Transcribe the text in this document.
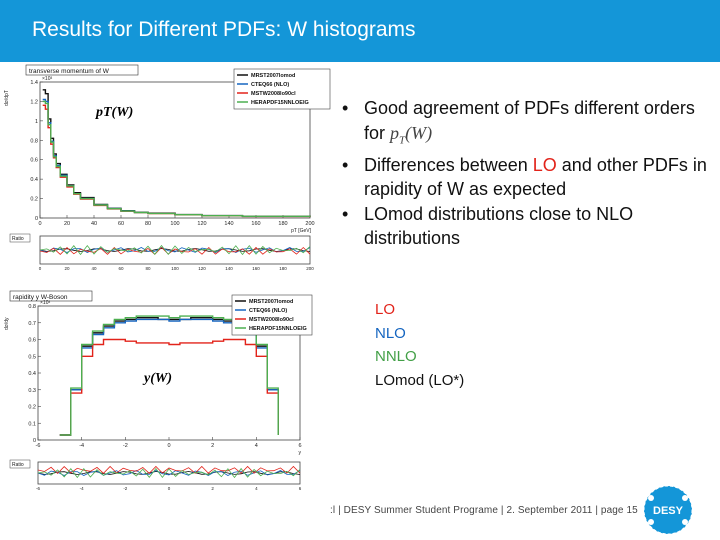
Results for Different PDFs: W histograms
transverse momentum of W
0	20	40	60	80	100	120	140	160	180	200
0
0.2
0.4
0.6
0.8
1
1.2
1.4
pT [GeV]
dσ/dpT
×10³	MRST2007lomod
CTEQ66 (NLO)
MSTW2008lo90cl
HERAPDF15NNLOEIG
pT(W)
Ratio
0	20	40	60	80	100	120	140	160	180	200
rapidity y W-Boson
-6	-4	-2	0	2	4	6
0
0.1
0.2
0.3
0.4
0.5
0.6
0.7
0.8
y
dσ/dy
×10³	MRST2007lomod
CTEQ66 (NLO)
MSTW2008lo90cl
HERAPDF15NNLOEIG
y(W)
Ratio
-6	-4	-2	0	2	4	6
• Good agreement of PDFs different orders for $p_T(W)$
• Differences between LO and other PDFs in rapidity of W as expected
• LOmod distributions close to NLO distributions
LO
NLO
NNLO
LOmod (LO*)
:l | DESY Summer Student Programe | 2. September 2011 | page 15 DESY
